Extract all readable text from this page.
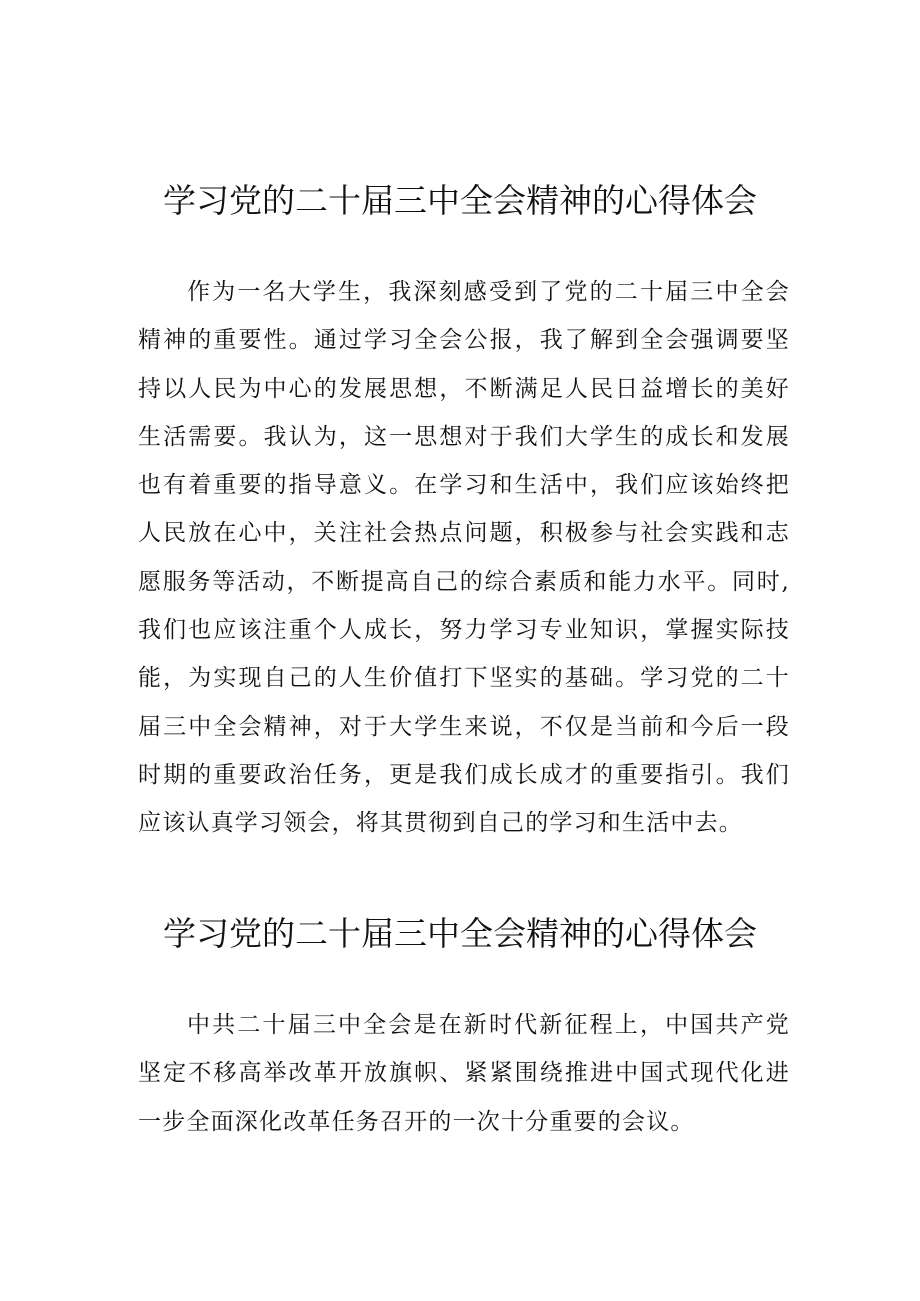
学习党的二十届三中全会精神的心得体会

作为一名大学生，我深刻感受到了党的二十届三中全会精神的重要性。通过学习全会公报，我了解到全会强调要坚持以人民为中心的发展思想，不断满足人民日益增长的美好生活需要。我认为，这一思想对于我们大学生的成长和发展也有着重要的指导意义。在学习和生活中，我们应该始终把人民放在心中，关注社会热点问题，积极参与社会实践和志愿服务等活动，不断提高自己的综合素质和能力水平。同时,我们也应该注重个人成长，努力学习专业知识，掌握实际技能，为实现自己的人生价值打下坚实的基础。学习党的二十届三中全会精神，对于大学生来说，不仅是当前和今后一段时期的重要政治任务，更是我们成长成才的重要指引。我们应该认真学习领会，将其贯彻到自己的学习和生活中去。

学习党的二十届三中全会精神的心得体会

中共二十届三中全会是在新时代新征程上，中国共产党坚定不移高举改革开放旗帜、紧紧围绕推进中国式现代化进一步全面深化改革任务召开的一次十分重要的会议。
